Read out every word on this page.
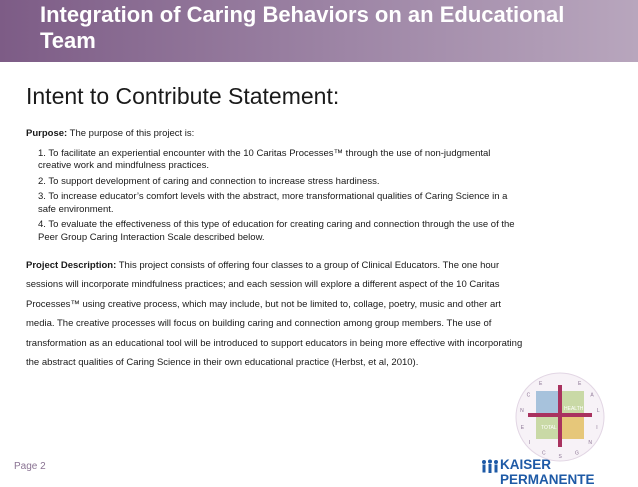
Integration of Caring Behaviors on an Educational Team
Intent to Contribute Statement:

Purpose: The purpose of this project is:

1. To facilitate an experiential encounter with the 10 Caritas Processes™ through the use of non-judgmental creative work and mindfulness practices.
2. To support development of caring and connection to increase stress hardiness.
3. To increase educator’s comfort levels with the abstract, more transformational qualities of Caring Science in a safe environment.
4. To evaluate the effectiveness of this type of education for creating caring and connection through the use of the Peer Group Caring Interaction Scale described below.

Project Description: This project consists of offering four classes to a group of Clinical Educators. The one hour sessions will incorporate mindfulness practices; and each session will explore a different aspect of the 10 Caritas Processes™ using creative process, which may include, but not be limited to, collage, poetry, music and other art media. The creative processes will focus on building caring and connection among group members. The use of transformation as an educational tool will be introduced to support educators in being more effective with incorporating the abstract qualities of Caring Science in their own educational practice (Herbst, et al, 2010).

TOTAL
HEALTH
E
A
L
I
N
G
S
C
I
E
N
C
E
Page 2	KAISER PERMANENTE
